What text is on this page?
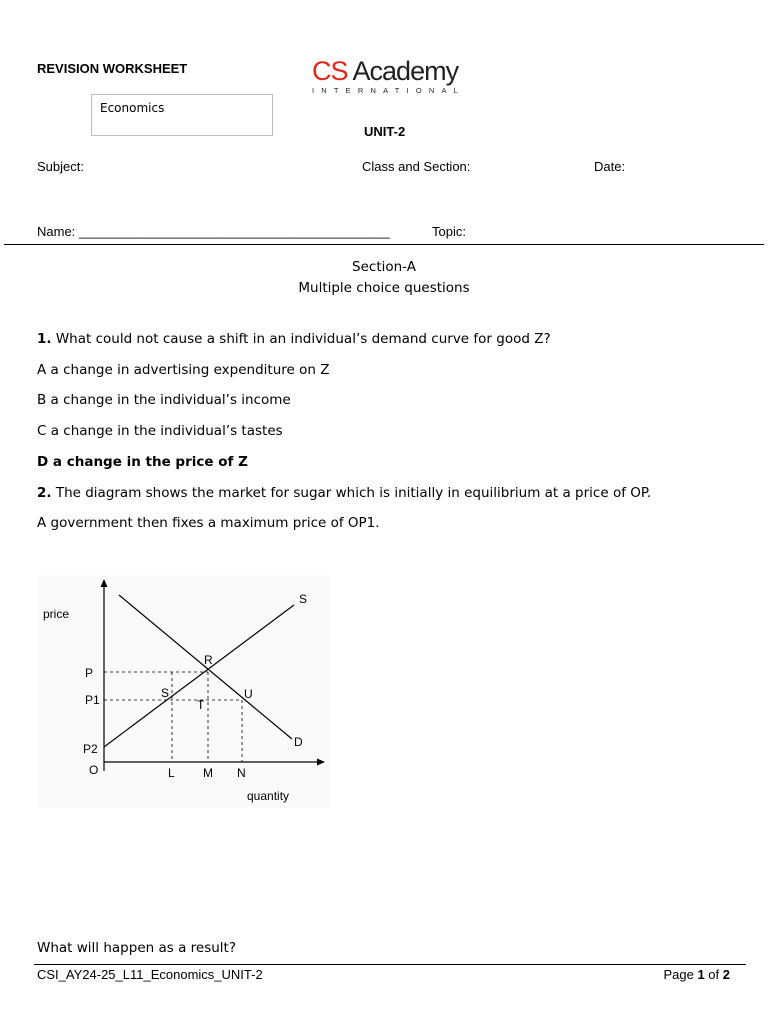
REVISION WORKSHEET	CS Academy
INTERNATIONAL
Economics
UNIT-2
Subject:	Class and Section:	Date:
Name: ___________________________________________	Topic:
Section-A
Multiple choice questions
1. What could not cause a shift in an individual’s demand curve for good Z?
A a change in advertising expenditure on Z
B a change in the individual’s income
C a change in the individual’s tastes
D a change in the price of Z
2. The diagram shows the market for sugar which is initially in equilibrium at a price of OP.
A government then fixes a maximum price of OP1.
price
quantity
P
P1
P2
O	L M N
R
S
T
U
S
D
What will happen as a result?
CSI_AY24-25_L11_Economics_UNIT-2	Page 1 of 2
